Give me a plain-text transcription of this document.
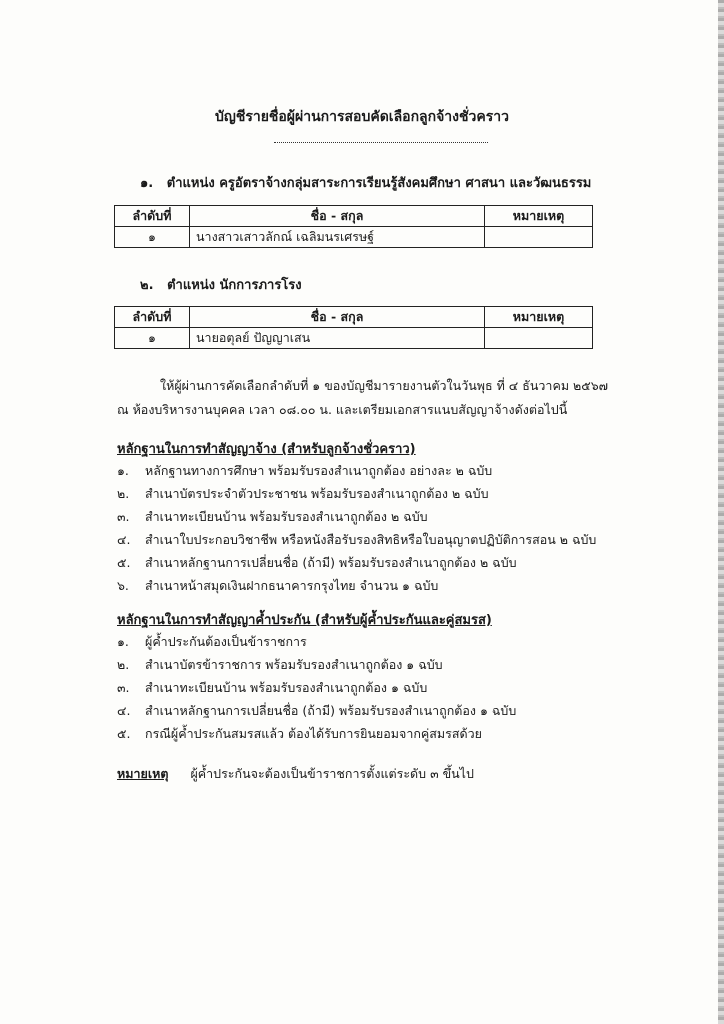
บัญชีรายชื่อผู้ผ่านการสอบคัดเลือกลูกจ้างชั่วคราว
๑. ตำแหน่ง ครูอัตราจ้างกลุ่มสาระการเรียนรู้สังคมศึกษา ศาสนา และวัฒนธรรม
ลำดับที่	ชื่อ - สกุล	หมายเหตุ
๑	นางสาวเสาวลักณ์ เฉลิมนรเศรษฐ์	
๒. ตำแหน่ง นักการภารโรง
ลำดับที่	ชื่อ - สกุล	หมายเหตุ
๑	นายอตุลย์ ปัญญาเสน	
ให้ผู้ผ่านการคัดเลือกลำดับที่ ๑ ของบัญชีมารายงานตัวในวันพุธ ที่ ๔ ธันวาคม ๒๕๖๗
ณ ห้องบริหารงานบุคคล เวลา ๐๘.๐๐ น. และเตรียมเอกสารแนบสัญญาจ้างดังต่อไปนี้
หลักฐานในการทำสัญญาจ้าง (สำหรับลูกจ้างชั่วคราว)
๑. หลักฐานทางการศึกษา พร้อมรับรองสำเนาถูกต้อง อย่างละ ๒ ฉบับ
๒. สำเนาบัตรประจำตัวประชาชน พร้อมรับรองสำเนาถูกต้อง ๒ ฉบับ
๓. สำเนาทะเบียนบ้าน พร้อมรับรองสำเนาถูกต้อง ๒ ฉบับ
๔. สำเนาใบประกอบวิชาชีพ หรือหนังสือรับรองสิทธิหรือใบอนุญาตปฏิบัติการสอน ๒ ฉบับ
๕. สำเนาหลักฐานการเปลี่ยนชื่อ (ถ้ามี) พร้อมรับรองสำเนาถูกต้อง ๒ ฉบับ
๖. สำเนาหน้าสมุดเงินฝากธนาคารกรุงไทย จำนวน ๑ ฉบับ
หลักฐานในการทำสัญญาค้ำประกัน (สำหรับผู้ค้ำประกันและคู่สมรส)
๑. ผู้ค้ำประกันต้องเป็นข้าราชการ
๒. สำเนาบัตรข้าราชการ พร้อมรับรองสำเนาถูกต้อง ๑ ฉบับ
๓. สำเนาทะเบียนบ้าน พร้อมรับรองสำเนาถูกต้อง ๑ ฉบับ
๔. สำเนาหลักฐานการเปลี่ยนชื่อ (ถ้ามี) พร้อมรับรองสำเนาถูกต้อง ๑ ฉบับ
๕. กรณีผู้ค้ำประกันสมรสแล้ว ต้องได้รับการยินยอมจากคู่สมรสด้วย
หมายเหตุ ผู้ค้ำประกันจะต้องเป็นข้าราชการตั้งแต่ระดับ ๓ ขึ้นไป
